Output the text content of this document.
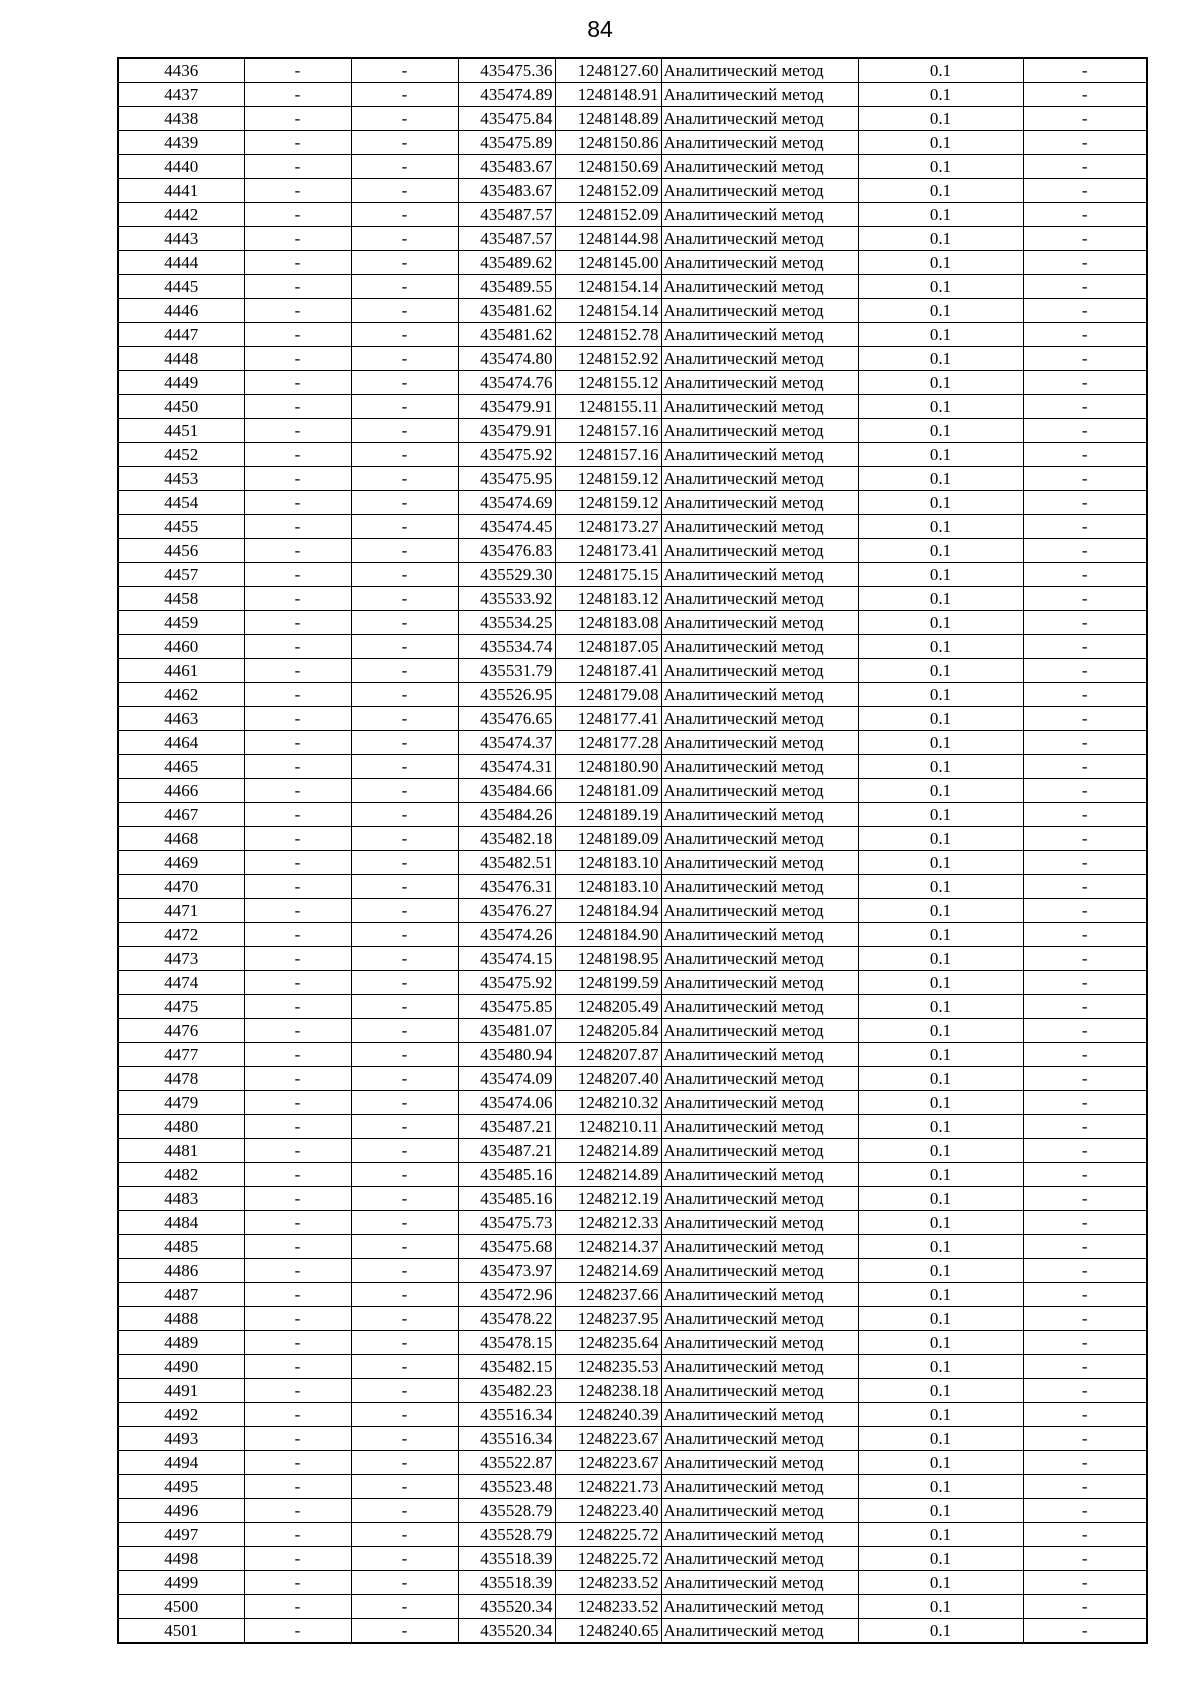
84
4436	-	-	435475.36	1248127.60	Аналитический метод	0.1	-
4437	-	-	435474.89	1248148.91	Аналитический метод	0.1	-
4438	-	-	435475.84	1248148.89	Аналитический метод	0.1	-
4439	-	-	435475.89	1248150.86	Аналитический метод	0.1	-
4440	-	-	435483.67	1248150.69	Аналитический метод	0.1	-
4441	-	-	435483.67	1248152.09	Аналитический метод	0.1	-
4442	-	-	435487.57	1248152.09	Аналитический метод	0.1	-
4443	-	-	435487.57	1248144.98	Аналитический метод	0.1	-
4444	-	-	435489.62	1248145.00	Аналитический метод	0.1	-
4445	-	-	435489.55	1248154.14	Аналитический метод	0.1	-
4446	-	-	435481.62	1248154.14	Аналитический метод	0.1	-
4447	-	-	435481.62	1248152.78	Аналитический метод	0.1	-
4448	-	-	435474.80	1248152.92	Аналитический метод	0.1	-
4449	-	-	435474.76	1248155.12	Аналитический метод	0.1	-
4450	-	-	435479.91	1248155.11	Аналитический метод	0.1	-
4451	-	-	435479.91	1248157.16	Аналитический метод	0.1	-
4452	-	-	435475.92	1248157.16	Аналитический метод	0.1	-
4453	-	-	435475.95	1248159.12	Аналитический метод	0.1	-
4454	-	-	435474.69	1248159.12	Аналитический метод	0.1	-
4455	-	-	435474.45	1248173.27	Аналитический метод	0.1	-
4456	-	-	435476.83	1248173.41	Аналитический метод	0.1	-
4457	-	-	435529.30	1248175.15	Аналитический метод	0.1	-
4458	-	-	435533.92	1248183.12	Аналитический метод	0.1	-
4459	-	-	435534.25	1248183.08	Аналитический метод	0.1	-
4460	-	-	435534.74	1248187.05	Аналитический метод	0.1	-
4461	-	-	435531.79	1248187.41	Аналитический метод	0.1	-
4462	-	-	435526.95	1248179.08	Аналитический метод	0.1	-
4463	-	-	435476.65	1248177.41	Аналитический метод	0.1	-
4464	-	-	435474.37	1248177.28	Аналитический метод	0.1	-
4465	-	-	435474.31	1248180.90	Аналитический метод	0.1	-
4466	-	-	435484.66	1248181.09	Аналитический метод	0.1	-
4467	-	-	435484.26	1248189.19	Аналитический метод	0.1	-
4468	-	-	435482.18	1248189.09	Аналитический метод	0.1	-
4469	-	-	435482.51	1248183.10	Аналитический метод	0.1	-
4470	-	-	435476.31	1248183.10	Аналитический метод	0.1	-
4471	-	-	435476.27	1248184.94	Аналитический метод	0.1	-
4472	-	-	435474.26	1248184.90	Аналитический метод	0.1	-
4473	-	-	435474.15	1248198.95	Аналитический метод	0.1	-
4474	-	-	435475.92	1248199.59	Аналитический метод	0.1	-
4475	-	-	435475.85	1248205.49	Аналитический метод	0.1	-
4476	-	-	435481.07	1248205.84	Аналитический метод	0.1	-
4477	-	-	435480.94	1248207.87	Аналитический метод	0.1	-
4478	-	-	435474.09	1248207.40	Аналитический метод	0.1	-
4479	-	-	435474.06	1248210.32	Аналитический метод	0.1	-
4480	-	-	435487.21	1248210.11	Аналитический метод	0.1	-
4481	-	-	435487.21	1248214.89	Аналитический метод	0.1	-
4482	-	-	435485.16	1248214.89	Аналитический метод	0.1	-
4483	-	-	435485.16	1248212.19	Аналитический метод	0.1	-
4484	-	-	435475.73	1248212.33	Аналитический метод	0.1	-
4485	-	-	435475.68	1248214.37	Аналитический метод	0.1	-
4486	-	-	435473.97	1248214.69	Аналитический метод	0.1	-
4487	-	-	435472.96	1248237.66	Аналитический метод	0.1	-
4488	-	-	435478.22	1248237.95	Аналитический метод	0.1	-
4489	-	-	435478.15	1248235.64	Аналитический метод	0.1	-
4490	-	-	435482.15	1248235.53	Аналитический метод	0.1	-
4491	-	-	435482.23	1248238.18	Аналитический метод	0.1	-
4492	-	-	435516.34	1248240.39	Аналитический метод	0.1	-
4493	-	-	435516.34	1248223.67	Аналитический метод	0.1	-
4494	-	-	435522.87	1248223.67	Аналитический метод	0.1	-
4495	-	-	435523.48	1248221.73	Аналитический метод	0.1	-
4496	-	-	435528.79	1248223.40	Аналитический метод	0.1	-
4497	-	-	435528.79	1248225.72	Аналитический метод	0.1	-
4498	-	-	435518.39	1248225.72	Аналитический метод	0.1	-
4499	-	-	435518.39	1248233.52	Аналитический метод	0.1	-
4500	-	-	435520.34	1248233.52	Аналитический метод	0.1	-
4501	-	-	435520.34	1248240.65	Аналитический метод	0.1	-
